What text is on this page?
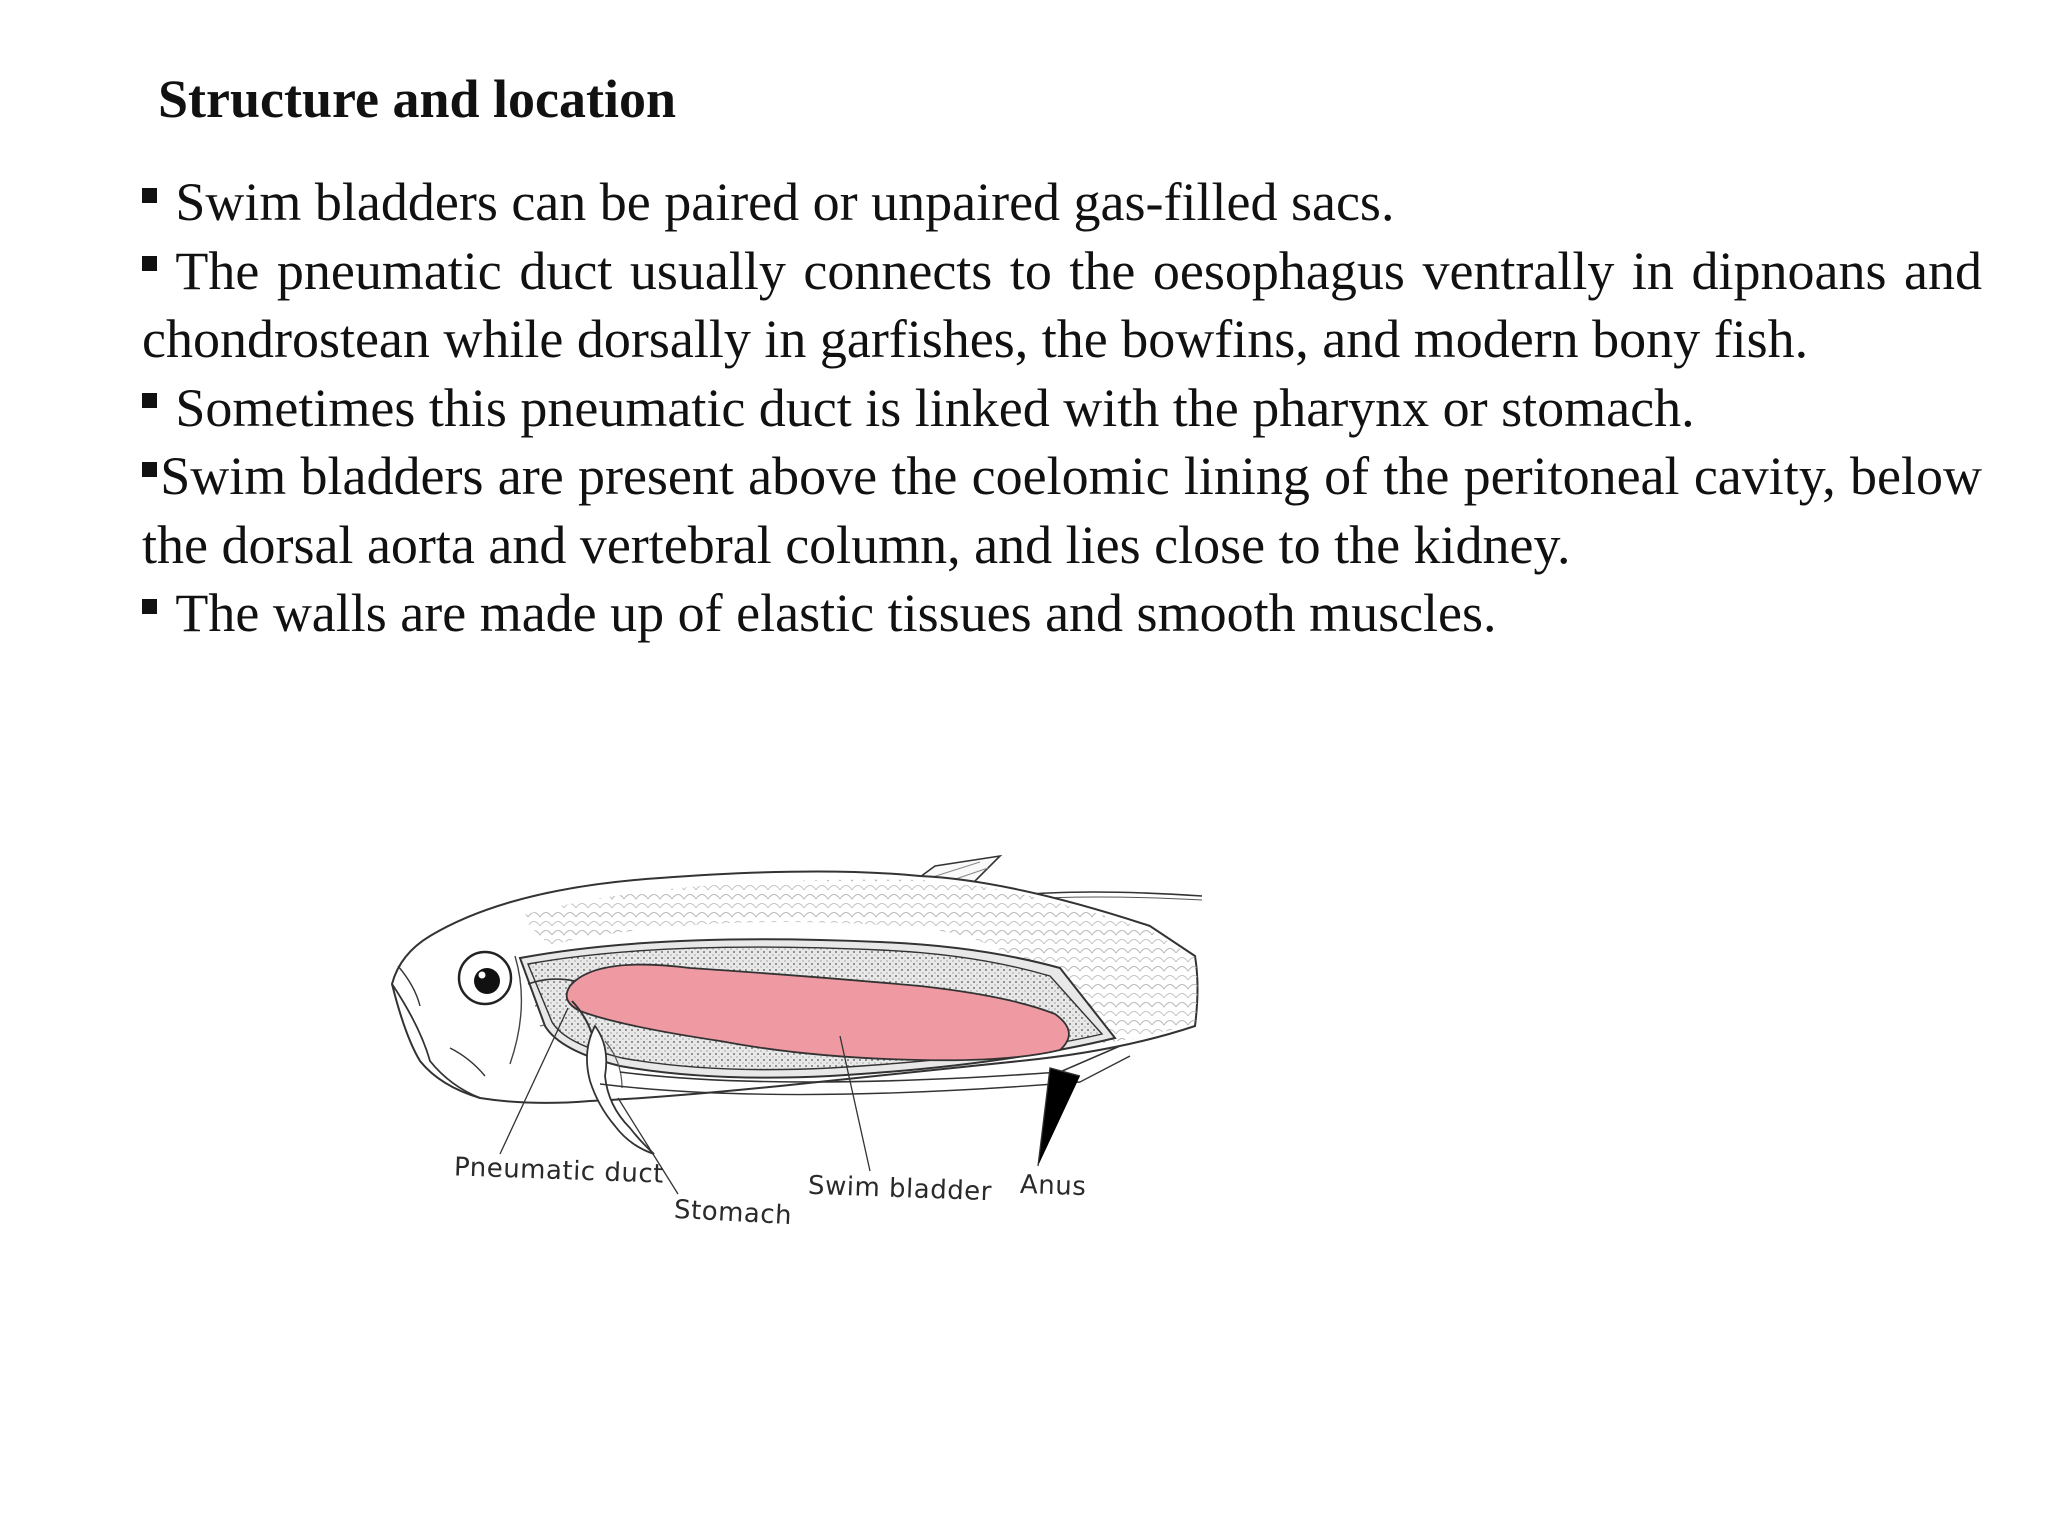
Structure and location
Swim bladders can be paired or unpaired gas-filled sacs.
The pneumatic duct usually connects to the oesophagus ventrally in dipnoans and chondrostean while dorsally in garfishes, the bowfins, and modern bony fish.
Sometimes this pneumatic duct is linked with the pharynx or stomach.
Swim bladders are present above the coelomic lining of the peritoneal cavity, below the dorsal aorta and vertebral column, and lies close to the kidney.
The walls are made up of elastic tissues and smooth muscles.
Pneumatic duct
Stomach
Swim bladder Anus
